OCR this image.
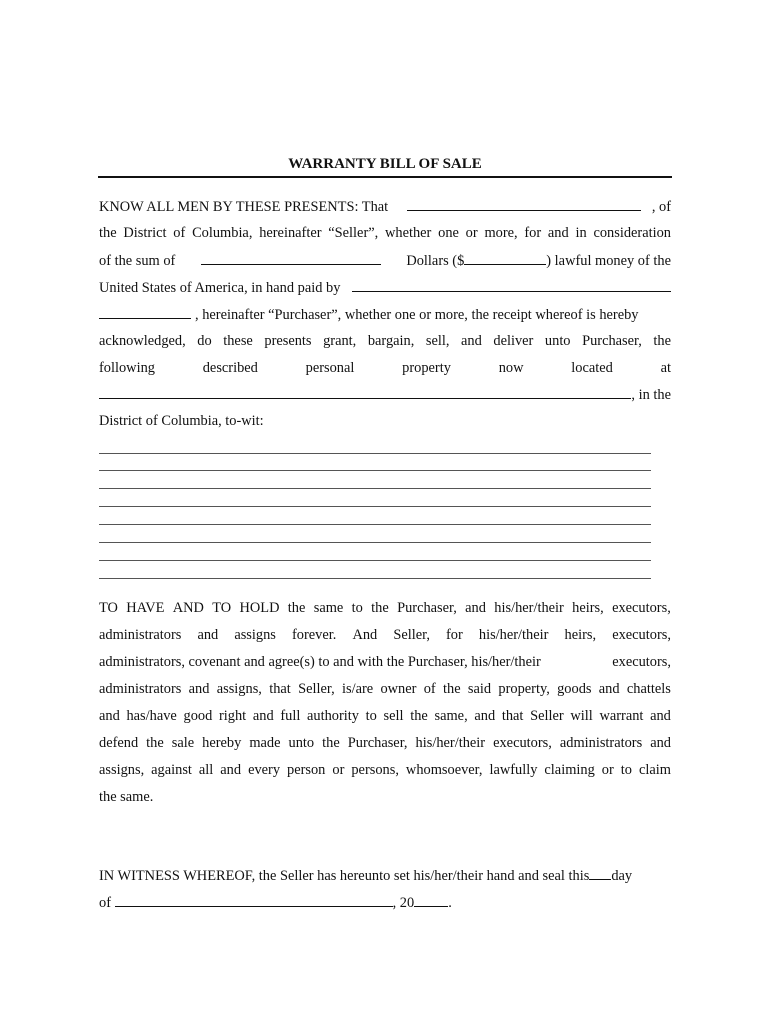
WARRANTY BILL OF SALE
KNOW ALL MEN BY THESE PRESENTS: That	, of
the District of Columbia, hereinafter “Seller”, whether one or more, for and in consideration
of the sum of	Dollars ($	) lawful money of the
United States of America, in hand paid by
, hereinafter “Purchaser”, whether one or more, the receipt whereof is hereby
acknowledged, do these presents grant, bargain, sell, and deliver unto Purchaser, the
following	described	personal	property	now	located	at
, in the
District of Columbia, to-wit:
TO HAVE AND TO HOLD the same to the Purchaser, and his/her/their heirs, executors,
administrators and assigns forever. And Seller, for his/her/their heirs, executors,
administrators, covenant and agree(s) to and with the Purchaser, his/her/their	executors,
administrators and assigns, that Seller, is/are owner of the said property, goods and chattels
and has/have good right and full authority to sell the same, and that Seller will warrant and
defend the sale hereby made unto the Purchaser, his/her/their executors, administrators and
assigns, against all and every person or persons, whomsoever, lawfully claiming or to claim
the same.
IN WITNESS WHEREOF, the Seller has hereunto set his/her/their hand and seal this day
of	, 20 .
